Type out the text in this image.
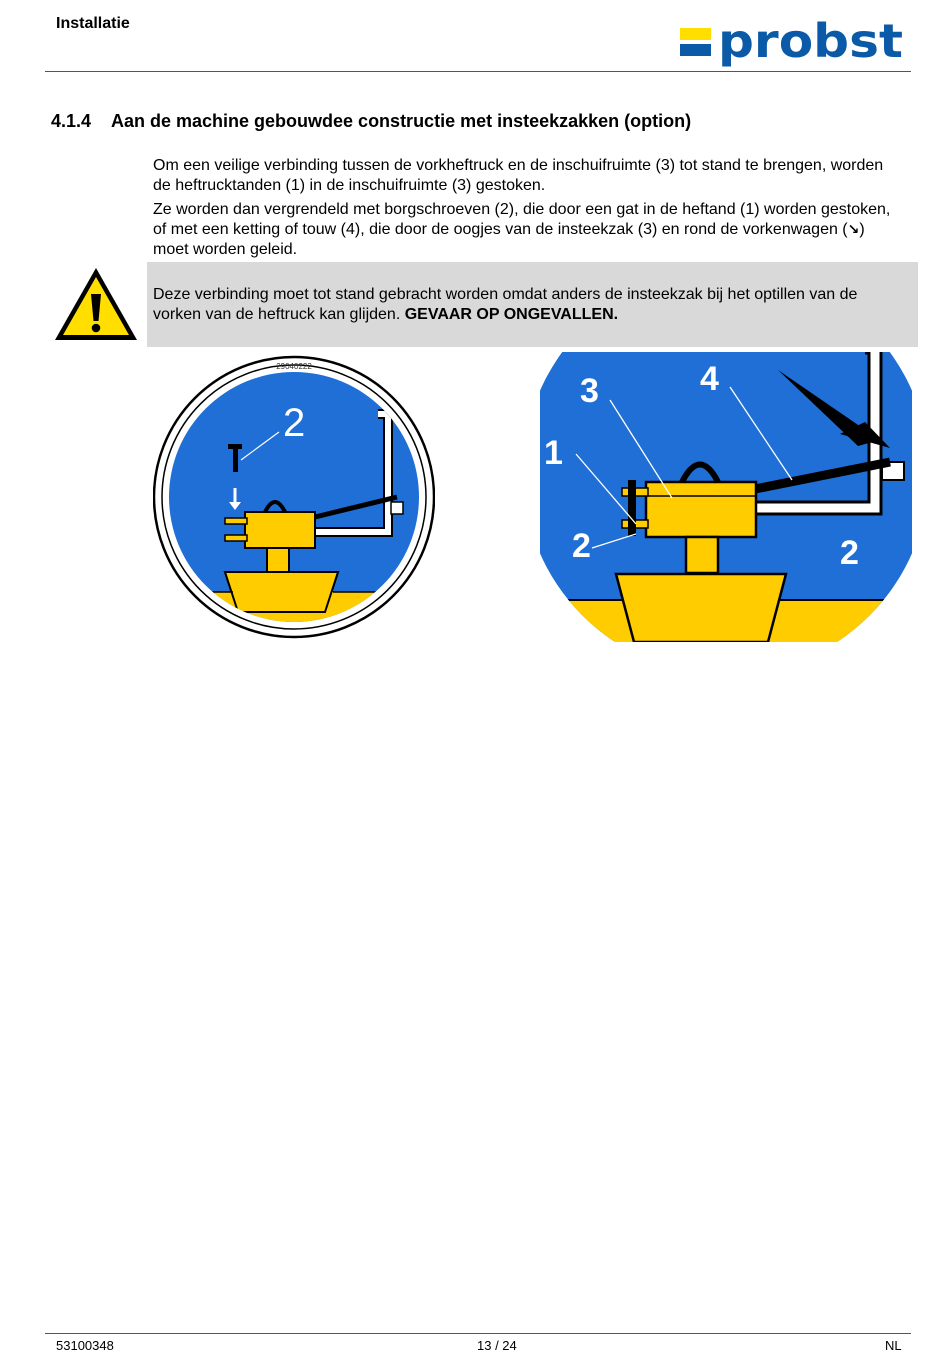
Installatie	probst
4.1.4 Aan de machine gebouwdee constructie met insteekzakken (option)
Om een veilige verbinding tussen de vorkheftruck en de inschuifruimte (3) tot stand te brengen, worden de heftrucktanden (1) in de inschuifruimte (3) gestoken.
Ze worden dan vergrendeld met borgschroeven (2), die door een gat in de heftand (1) worden gestoken, of met een ketting of touw (4), die door de oogjes van de insteekzak (3) en rond de vorkenwagen (↘) moet worden geleid.
Deze verbinding moet tot stand gebracht worden omdat anders de insteekzak bij het optillen van de vorken van de heftruck kan glijden. GEVAAR OP ONGEVALLEN.
29040222
2
3	4
1
2	2
53100348	13 / 24	NL
